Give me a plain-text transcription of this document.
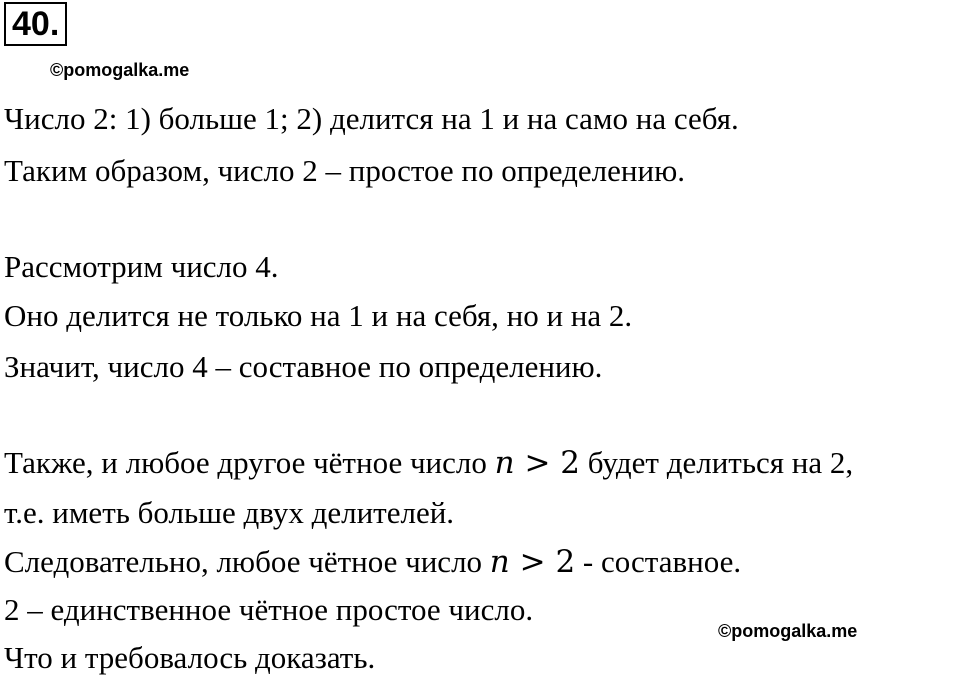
40.
©pomogalka.me
Число 2: 1) больше 1; 2) делится на 1 и на само на себя.
Таким образом, число 2 – простое по определению.
Рассмотрим число 4.
Оно делится не только на 1 и на себя, но и на 2.
Значит, число 4 – составное по определению.
Также, и любое другое чётное число n > 2 будет делиться на 2,
т.е. иметь больше двух делителей.
Следовательно, любое чётное число n > 2 - составное.
2 – единственное чётное простое число.
Что и требовалось доказать.
©pomogalka.me
